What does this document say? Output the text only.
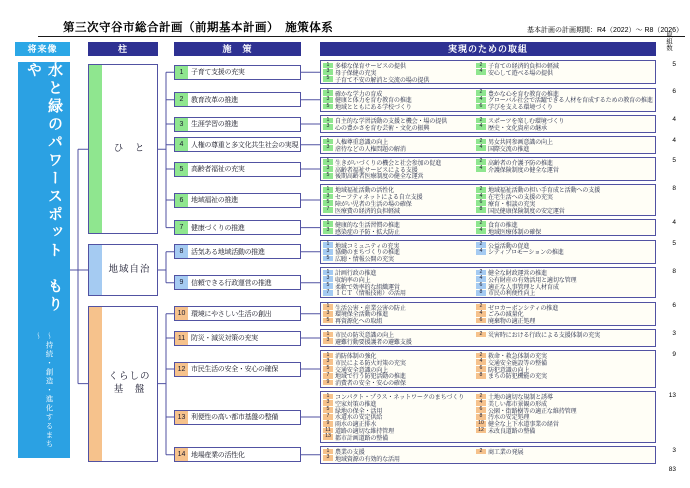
第三次守谷市総合計画（前期基本計画）　施策体系	基本計画の計画期間：R4（2022）～ R8（2026）
将来像	柱	施　策	実現のための取組	取組数
水と緑のパワースポット　もりや
～持続・創造・進化するまち～
83
ひ　と
地域自治
くらしの
基　盤
1	子育て支援の充実
1 多様な保育サービスの提供	2 子育ての経済的負担の軽減
3 母子保健の充実	4 安心して遊べる場の提供
5 子育て不安の解消と交流の場の提供
5
2	教育改革の推進
1 確かな学力の育成	2 豊かな心を育む教育の推進
3 健康と体力を育む教育の推進	4 グローバル社会で活躍できる人材を育成するための教育の推進
5 地域とともにある学校づくり	6 学びを支える環境づくり
6
3	生涯学習の推進
1 自主的な学習活動の支援と機会・場の提供	2 スポーツを楽しむ環境づくり
3 心の豊かさを育む芸術・文化の振興	4 歴史・文化資産の継承
4
4	人権の尊重と多文化共生社会の実現
1 人権尊重意識の向上	2 男女共同参画意識の向上
3 虐待などの人権問題の解消	4 国際交流の推進
4
5	高齢者福祉の充実
1 生きがいづくりの機会と社会参加の促進	2 高齢者の介護予防の推進
3 高齢者福祉サービスによる支援	4 介護保険制度の健全な運営
5 後期高齢者医療制度の健全な運営
5
6	地域福祉の推進
1 地域福祉活動の活性化	2 地域福祉活動の担い手育成と活動への支援
3 セーフティネットによる自立支援	4 在宅生活への支援の充実
5 障がい児者の生活の場の確保	6 療育・相談の充実
7 医療費の経済的負担軽減	8 国民健康保険制度の安定運営
8
7	健康づくりの推進
1 健康的な生活習慣の推進	2 食育の推進
3 感染症の予防・拡大防止	4 地域医療体制の確保
4
8	活気ある地域活動の推進
1 地域コミュニティの充実	2 公益活動の促進
3 協働のまちづくりの推進	4 シティプロモーションの推進
5 広聴・情報公開の充実
5
9	信頼できる行政運営の推進
1 計画行政の推進	2 健全な財政運営の推進
3 収納率の向上	4 公有財産の有効活用と適切な管理
5 柔軟で効率的な組織運営	6 適正な人事管理と人材育成
7 ＩＣＴ（情報技術）の活用	8 市民の利便性向上
8
10 環境にやさしい生活の創出
1 生活公害・産業公害の防止	2 ゼロカーボンシティの推進
3 環境保全活動の推進	4 ごみの減量化
5 再資源化への取組	6 廃棄物の適正処理
6
11 防災・減災対策の充実
1 市民の防災意識の向上	2 災害時における行政による支援体制の充実
3 避難行動要援護者の避難支援
3
12 市民生活の安全・安心の確保
1 消防体制の強化	2 救命・救急体制の充実
3 市民による防火対策の充実	4 交通安全施設等の整備
5 交通安全意識の向上	6 防犯意識の向上
7 地域で行う防犯活動の推進	8 まちの防犯機能の充実
9 消費者の安全・安心の確保
9
13 利便性の高い都市基盤の整備
1 コンパクト・プラス・ネットワークのまちづくり	2 土地の適切な規制と誘導
3 空家対策の推進	4 美しい都市景観の形成
5 緑地の保全・活用	6 公園・街路樹等の適正な維持管理
7 水道水の安定供給	8 汚水の安定処理
9 雨水の適正排水	10 健全な上下水道事業の経営
11 道路の適切な維持管理	12 未改良道路の整備
13 都市計画道路の整備
13
14 地場産業の活性化
1 農業の支援	2 商工業の発展
3 地域資源の有効的な活用
3
